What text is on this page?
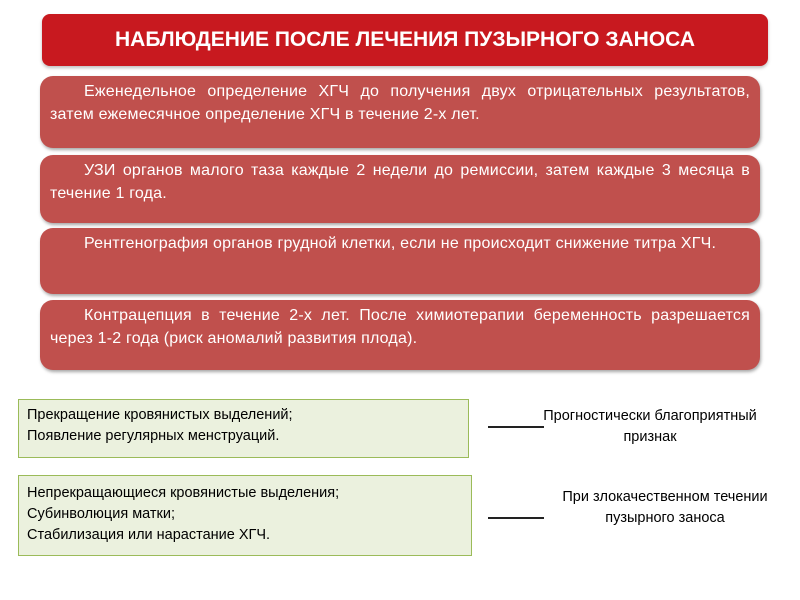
НАБЛЮДЕНИЕ ПОСЛЕ ЛЕЧЕНИЯ ПУЗЫРНОГО ЗАНОСА

Еженедельное определение ХГЧ до получения двух отрицательных результатов, затем ежемесячное определение ХГЧ в течение 2-х лет.

УЗИ органов малого таза каждые 2 недели до ремиссии, затем каждые 3 месяца в течение 1 года.

Рентгенография органов грудной клетки, если не происходит снижение титра ХГЧ.

Контрацепция в течение 2-х лет. После химиотерапии беременность разрешается через 1-2 года (риск аномалий развития плода).

Прекращение кровянистых выделений;
Появление регулярных менструаций.
Прогностически благоприятный признак
Непрекращающиеся кровянистые выделения;
Субинволюция матки;
Стабилизация или нарастание ХГЧ.
При злокачественном течении пузырного заноса
